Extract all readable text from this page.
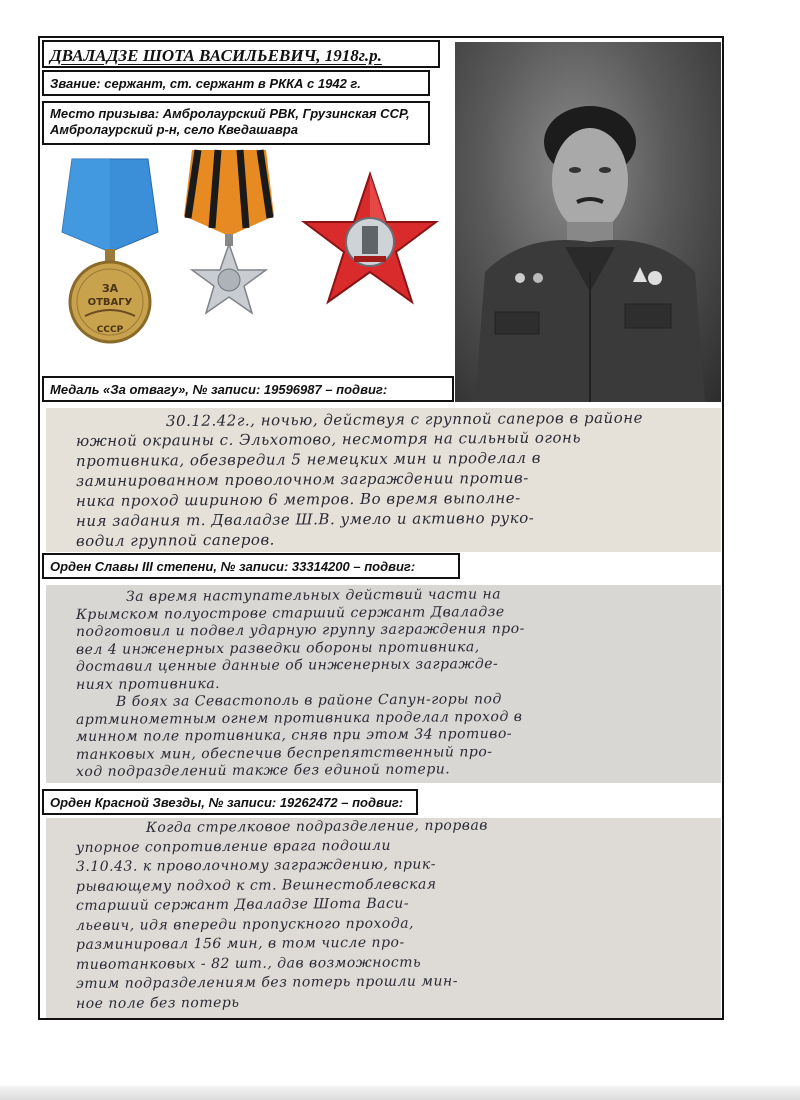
ДВАЛАДЗЕ ШОТА ВАСИЛЬЕВИЧ, 1918г.р.
Звание: сержант, ст. сержант в РККА с 1942 г.
Место призыва: Амбролаурский РВК, Грузинская ССР, Амбролаурский р-н, село Кведашавра
ЗА
ОТВАГУ
СССР
Медаль «За отвагу», № записи: 19596987 – подвиг:
30.12.42г., ночью, действуя с группой саперов в районе
южной окраины с. Эльхотово, несмотря на сильный огонь
противника, обезвредил 5 немецких мин и проделал в
заминированном проволочном заграждении против-
ника проход шириною 6 метров. Во время выполне-
ния задания т. Двaладзе Ш.В. умело и активно руко-
водил группой саперов.
Орден Славы III степени, № записи: 33314200 – подвиг:
За время наступательных действий части на
Крымском полуострове старший сержант Двaладзе
подготовил и подвел ударную группу заграждения про-
вел 4 инженерных разведки обороны противника,
доставил ценные данные об инженерных загражде-
ниях противника.
В боях за Севастополь в районе Сапун-горы под
артминометным огнем противника проделал проход в
минном поле противника, сняв при этом 34 противо-
танковых мин, обеспечив беспрепятственный про-
ход подразделений также без единой потери.
Орден Красной Звезды, № записи: 19262472 – подвиг:
Когда стрелковое подразделение, прорвав
упорное сопротивление врага подошли
3.10.43. к проволочному заграждению, прик-
рывающему подход к ст. Вешнестоблевская
старший сержант Двaладзе Шота Васи-
льевич, идя впереди пропускного прохода,
разминировал 156 мин, в том числе про-
тивотанковых - 82 шт., дав возможность
этим подразделениям без потерь прошли мин-
ное поле без потерь
